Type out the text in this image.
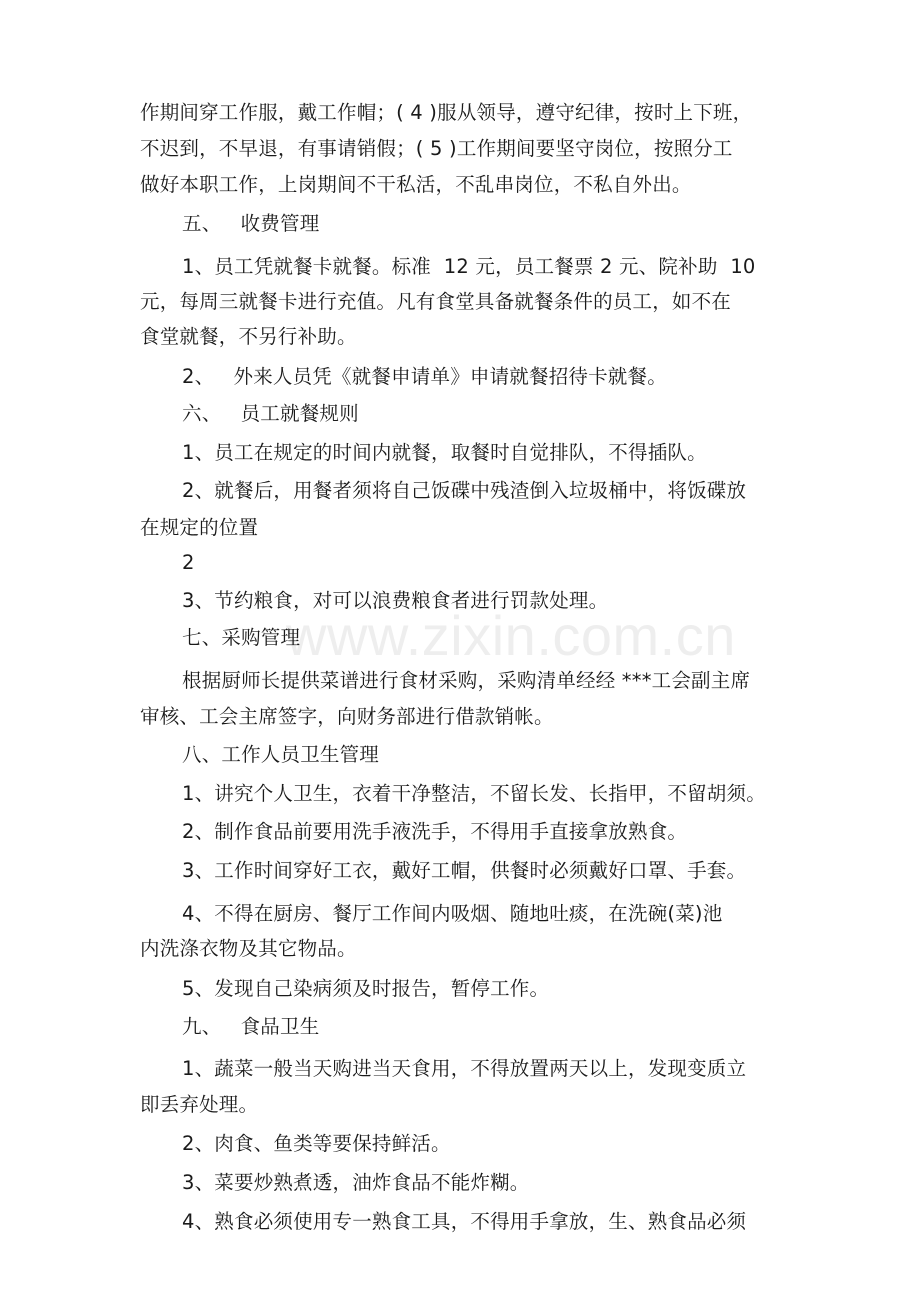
www.zixin.com.cn
作期间穿工作服，戴工作帽；( 4 )服从领导，遵守纪律，按时上下班，
不迟到，不早退，有事请销假；( 5 )工作期间要坚守岗位，按照分工
做好本职工作，上岗期间不干私活，不乱串岗位，不私自外出。
五、   收费管理
1、员工凭就餐卡就餐。标准  12 元，员工餐票 2 元、院补助  10
元，每周三就餐卡进行充值。凡有食堂具备就餐条件的员工，如不在
食堂就餐，不另行补助。
2、   外来人员凭《就餐申请单》申请就餐招待卡就餐。
六、   员工就餐规则
1、员工在规定的时间内就餐，取餐时自觉排队，不得插队。
2、就餐后，用餐者须将自己饭碟中残渣倒入垃圾桶中，将饭碟放
在规定的位置
2
3、节约粮食，对可以浪费粮食者进行罚款处理。
七、采购管理
根据厨师长提供菜谱进行食材采购，采购清单经经 ***工会副主席
审核、工会主席签字，向财务部进行借款销帐。
八、工作人员卫生管理
1、讲究个人卫生，衣着干净整洁，不留长发、长指甲，不留胡须。
2、制作食品前要用洗手液洗手，不得用手直接拿放熟食。
3、工作时间穿好工衣，戴好工帽，供餐时必须戴好口罩、手套。
4、不得在厨房、餐厅工作间内吸烟、随地吐痰，在洗碗(菜)池
内洗涤衣物及其它物品。
5、发现自己染病须及时报告，暂停工作。
九、   食品卫生
1、蔬菜一般当天购进当天食用，不得放置两天以上，发现变质立
即丢弃处理。
2、肉食、鱼类等要保持鲜活。
3、菜要炒熟煮透，油炸食品不能炸糊。
4、熟食必须使用专一熟食工具，不得用手拿放，生、熟食品必须
